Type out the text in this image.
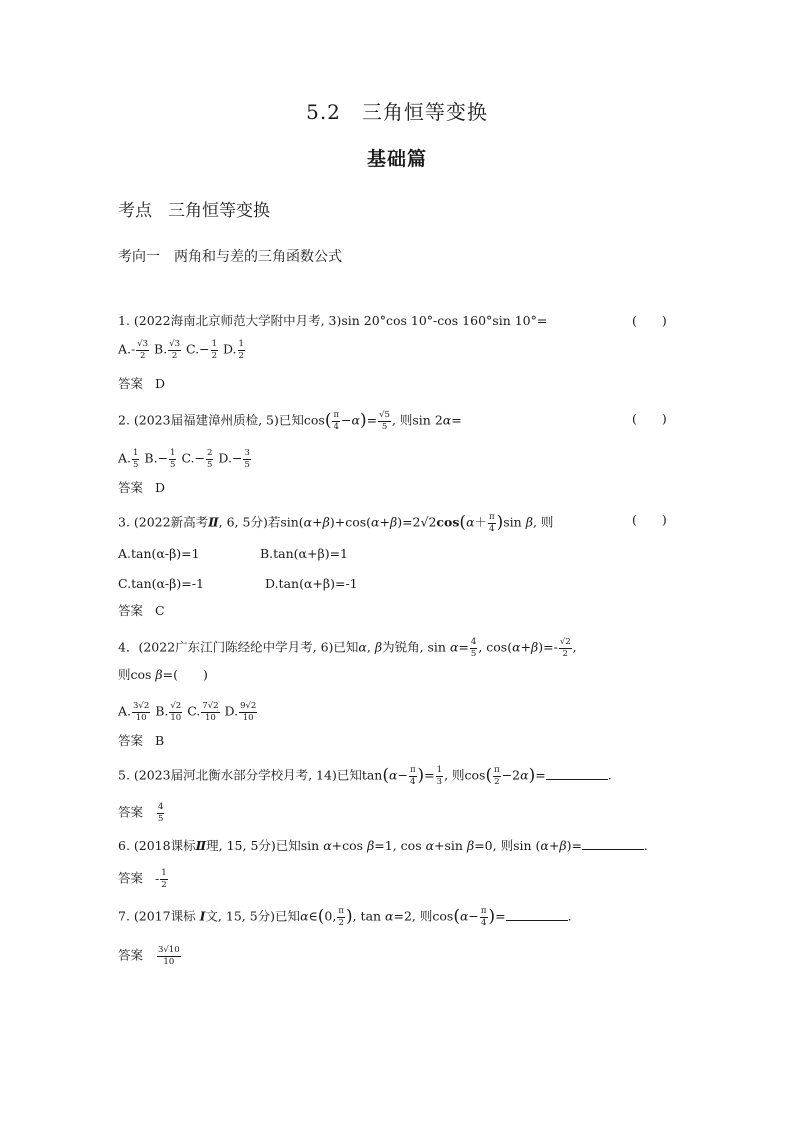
5.2　三角恒等变换
基础篇
考点 三角恒等变换
考向一 两角和与差的三角函数公式
1. (2022海南北京师范大学附中月考, 3)sin 20°cos 10°-cos 160°sin 10°=	(　　)
$A.- \frac{√3}{2} B$. $\frac{√3}{2} C.- \frac{1}{2} D$. $\frac{1}{2}$
答案 D
2. (2023届福建漳州质检, 5)已知$\cos( \frac{\pi}{4} -\alpha)= \frac{√5}{5}$ , 则sin 2α=	(　　)
A. $\frac{1}{5} B.- \frac{1}{5} C.- \frac{2}{5} D.- \frac{3}{5}$
答案 D
3. (2022新高考Ⅱ, 6, 5分)若$\sin(\alpha+\beta)+\cos(\alpha+\beta)=2√2\cos(\alpha+ \frac{\pi}{4} )\sin$ β, 则	(　　)
A.tan(α-β)=1	B.tan(α+β)=1
C.tan(α-β)=-1	D.tan(α+β)=-1
答案 C
4．(2022广东江门陈经纶中学月考, 6)已知α, β为锐角, $\sin \alpha= \frac{4}{5}$ , $\cos(\alpha+\beta)=- \frac{√2}{2}$ ,
则cos β=(　　)
A. $\frac{3√2}{10} B$. $\frac{√2}{10} C$. $\frac{7√2}{10} D$. $\frac{9√2}{10}$
答案 B
5. (2023届河北衡水部分学校月考, 14)已知$\tan(\alpha- \frac{\pi}{4}$ )= $\frac{1}{3}$ , 则$\cos( \frac{\pi}{2} -2\alpha)=$	.
答案 $\frac{4}{5}$
6. (2018课标Ⅱ理, 15, 5分)已知sin α+cos β=1, cos α+sin β=0, 则sin (α+β)=	.
答案 - $\frac{1}{2}$
7. (2017课标 Ⅰ文, 15, 5分)已知α∈(0, $\frac{\pi}{2}$ ), tan α=2, 则$\cos(\alpha- \frac{\pi}{4}$ )=	.
答案 $\frac{3√10}{10}$
